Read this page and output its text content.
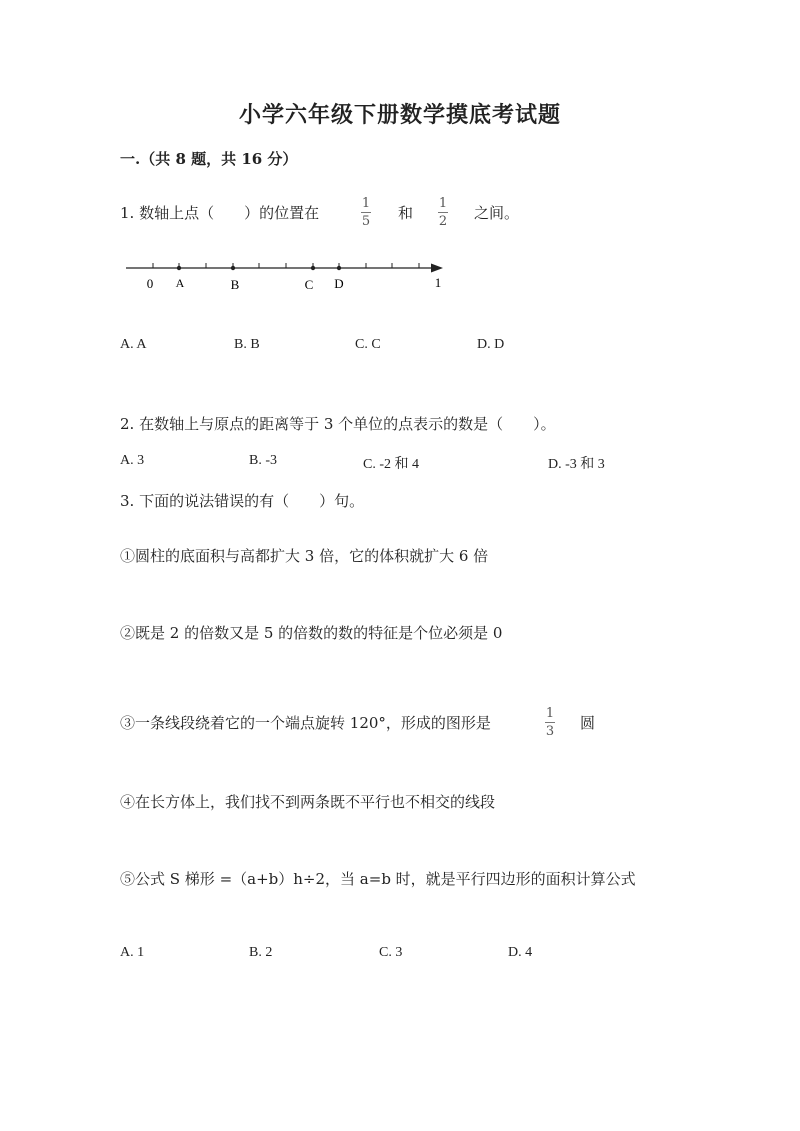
小学六年级下册数学摸底考试题
一.（共 8 题，共 16 分）
1. 数轴上点（　　）的位置在
1
5 和
1
2 之间。
0 A	B	C D	1
A. A	B. B	C. C	D. D
2. 在数轴上与原点的距离等于 3 个单位的点表示的数是（　　）。
A. 3	B. -3	C. -2 和 4	D. -3 和 3
3. 下面的说法错误的有（　　）句。
①圆柱的底面积与高都扩大 3 倍，它的体积就扩大 6 倍
②既是 2 的倍数又是 5 的倍数的数的特征是个位必须是 0
③一条线段绕着它的一个端点旋转 120°，形成的图形是
1
3 圆
④在长方体上，我们找不到两条既不平行也不相交的线段
⑤公式 S 梯形 =（a+b）h÷2，当 a=b 时，就是平行四边形的面积计算公式
A. 1	B. 2	C. 3	D. 4
